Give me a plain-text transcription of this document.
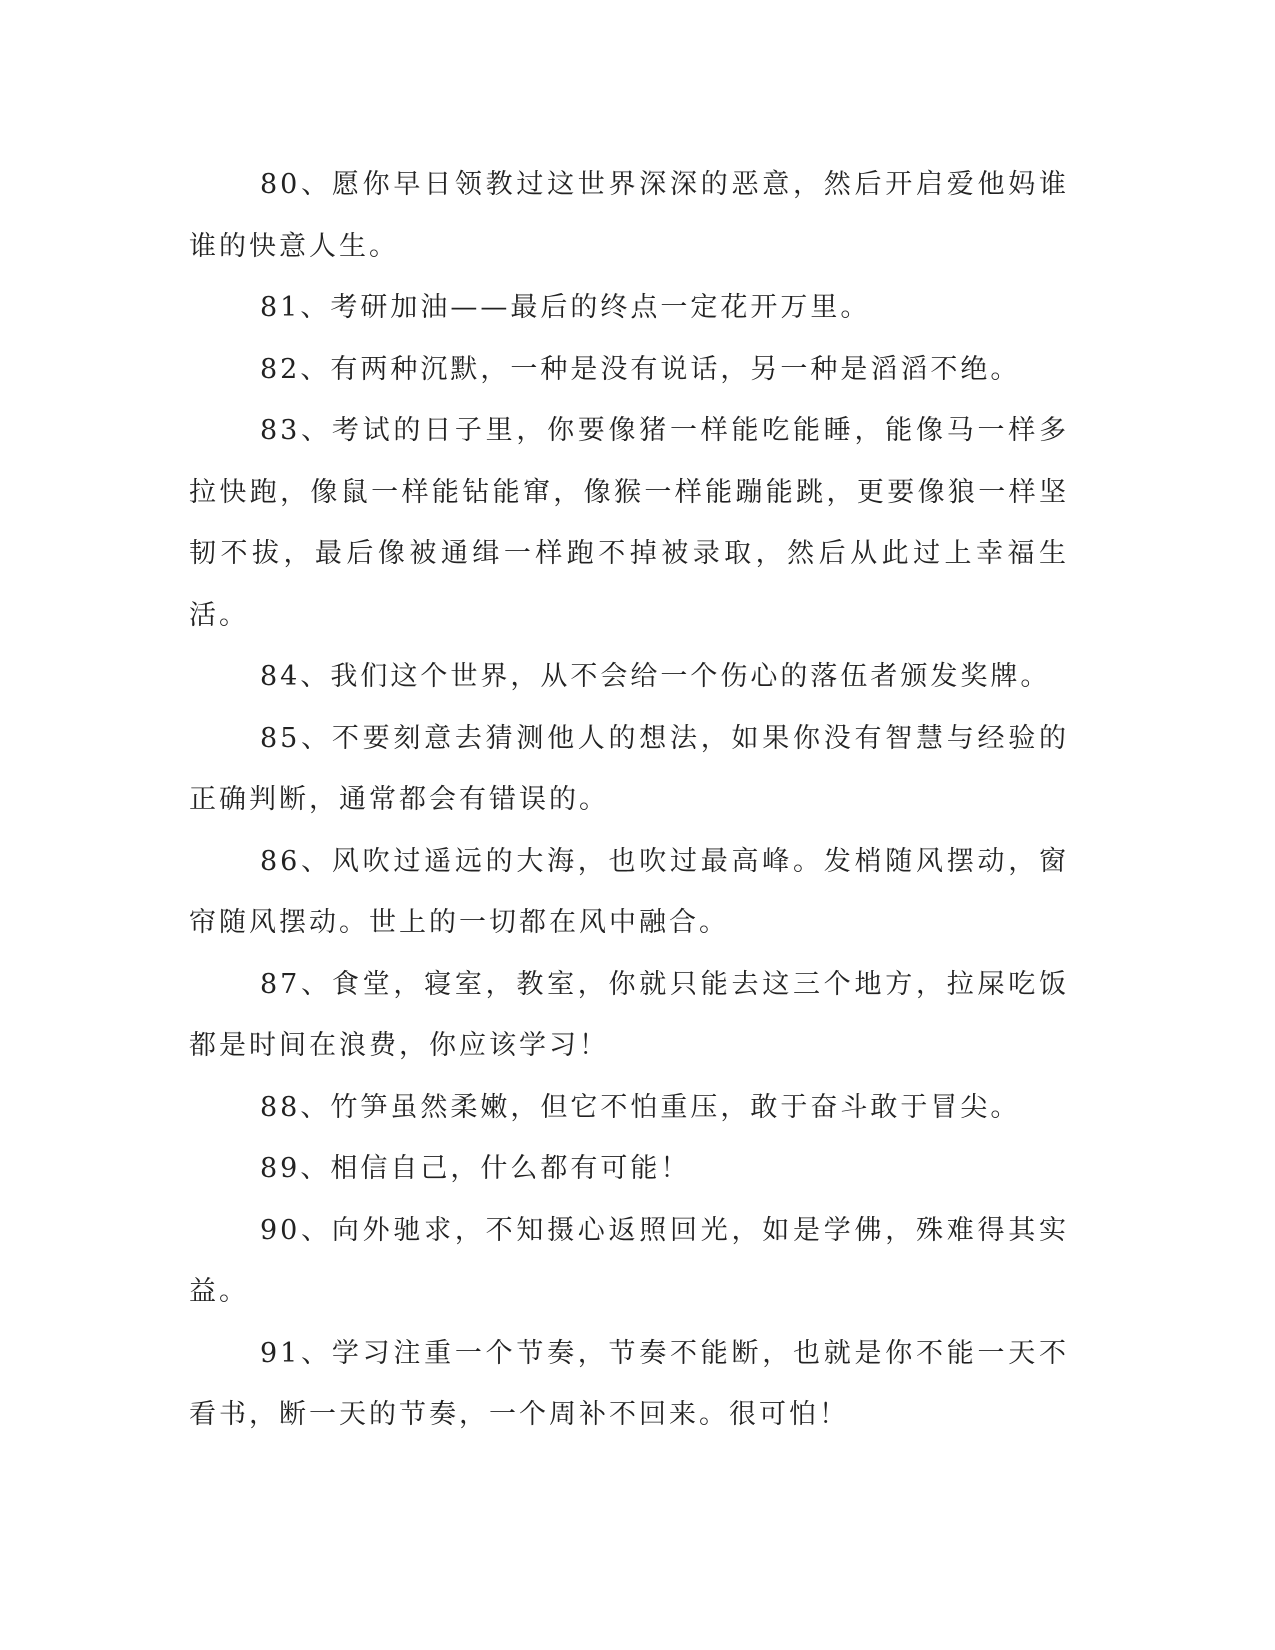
80、愿你早日领教过这世界深深的恶意，然后开启爱他妈谁谁的快意人生。

81、考研加油——最后的终点一定花开万里。

82、有两种沉默，一种是没有说话，另一种是滔滔不绝。

83、考试的日子里，你要像猪一样能吃能睡，能像马一样多拉快跑，像鼠一样能钻能窜，像猴一样能蹦能跳，更要像狼一样坚韧不拔，最后像被通缉一样跑不掉被录取，然后从此过上幸福生活。

84、我们这个世界，从不会给一个伤心的落伍者颁发奖牌。

85、不要刻意去猜测他人的想法，如果你没有智慧与经验的正确判断，通常都会有错误的。

86、风吹过遥远的大海，也吹过最高峰。发梢随风摆动，窗帘随风摆动。世上的一切都在风中融合。

87、食堂，寝室，教室，你就只能去这三个地方，拉屎吃饭都是时间在浪费，你应该学习！

88、竹笋虽然柔嫩，但它不怕重压，敢于奋斗敢于冒尖。

89、相信自己，什么都有可能！

90、向外驰求，不知摄心返照回光，如是学佛，殊难得其实益。

91、学习注重一个节奏，节奏不能断，也就是你不能一天不看书，断一天的节奏，一个周补不回来。很可怕！
